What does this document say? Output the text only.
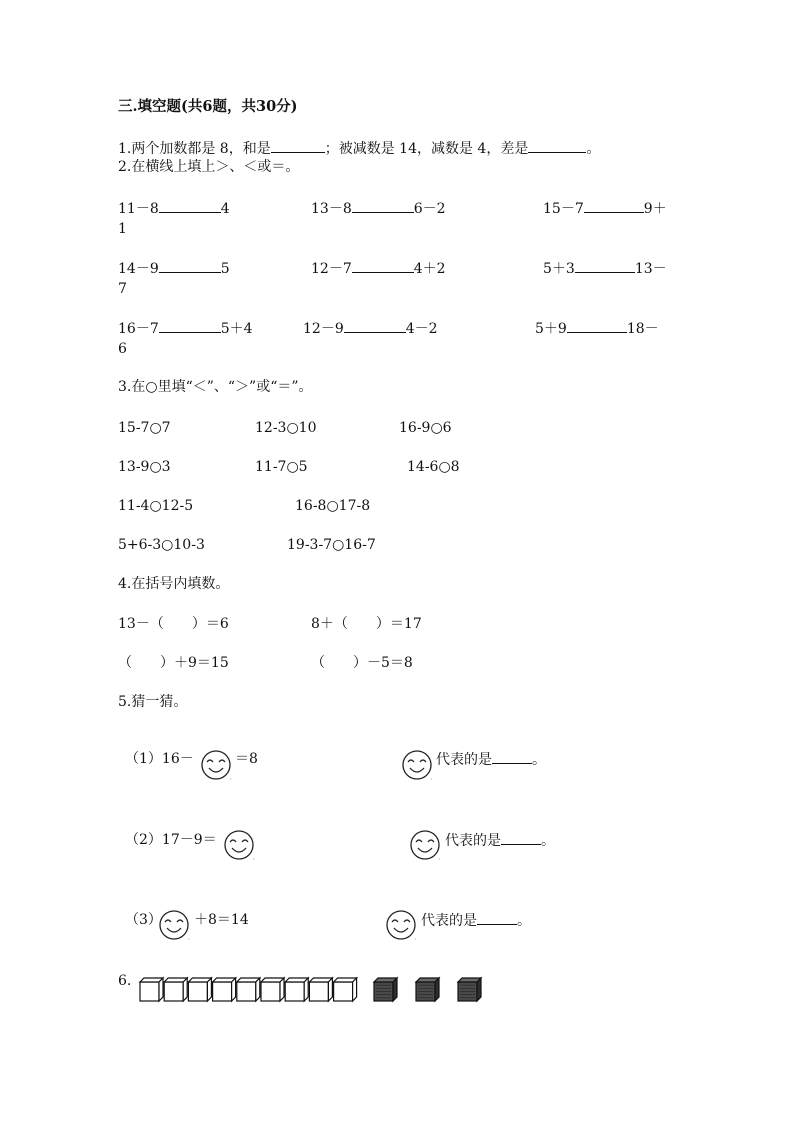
三.填空题(共6题，共30分)
1.两个加数都是 8，和是	；被减数是 14，减数是 4，差是	。
2.在横线上填上＞、＜或＝。
11－8	4	13－8	6－2	15－7	9＋
1
14－9	5	12－7	4＋2	5＋3	13－
7
16－7	5＋4	12－9	4－2	5＋9	18－
6
3.在○里填“＜”、“＞”或“＝”。
15-7○7	12-3○10	16-9○6
13-9○3	11-7○5	14-6○8
11-4○12-5	16-8○17-8
5+6-3○10-3	19-3-7○16-7
4.在括号内填数。
13－（　　）＝6	8＋（　　）＝17
（　　）＋9＝15	（　　）－5＝8
5.猜一猜。
（1）16－
:
＝8
:
代表的是	。
（2）17－9＝
:	:
代表的是	。
（3）
:
＋8＝14
:
代表的是	。
6.
